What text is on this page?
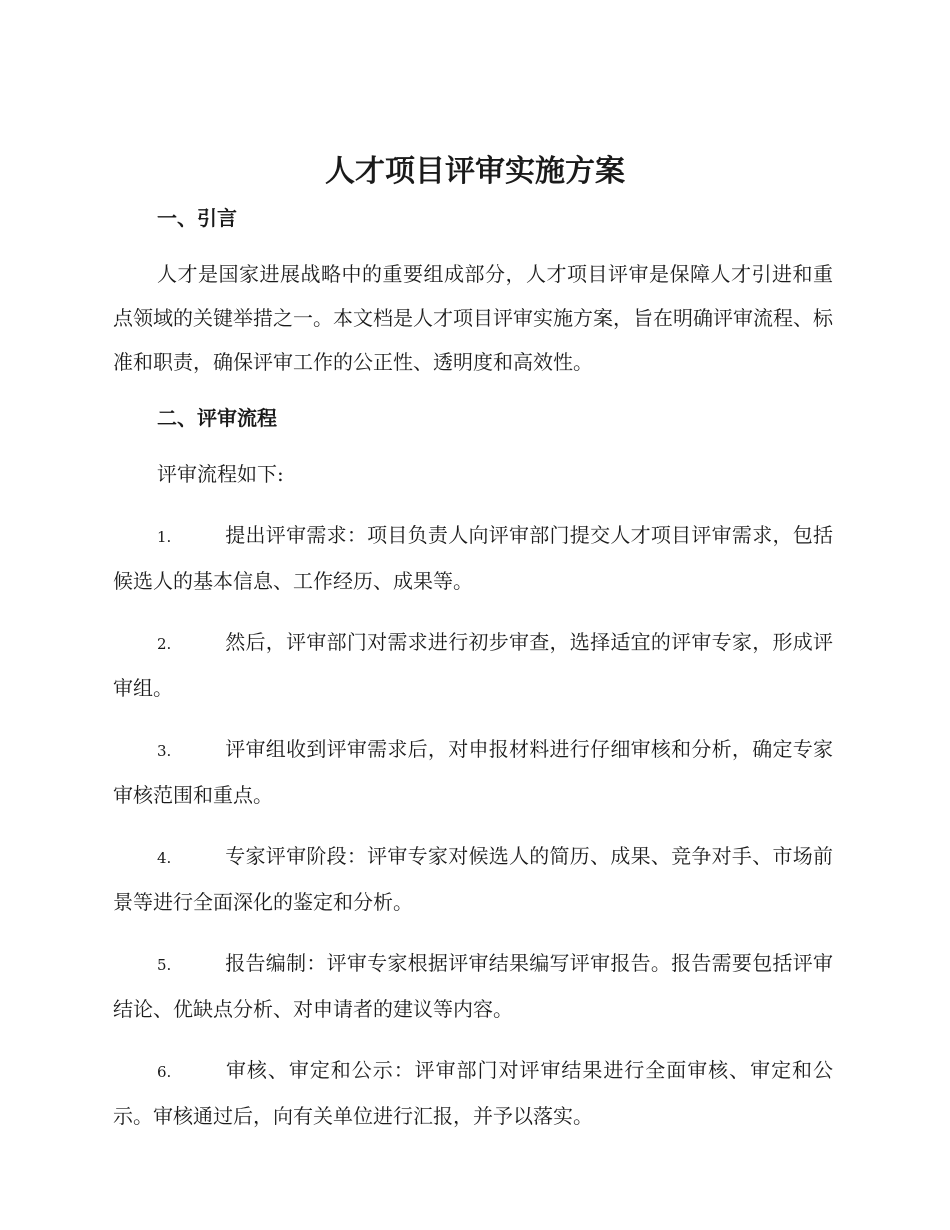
人才项目评审实施方案
一、引言

人才是国家进展战略中的重要组成部分，人才项目评审是保障人才引进和重点领域的关键举措之一。本文档是人才项目评审实施方案，旨在明确评审流程、标准和职责，确保评审工作的公正性、透明度和高效性。

二、评审流程

评审流程如下:

1.	提出评审需求：项目负责人向评审部门提交人才项目评审需求，包括候选人的基本信息、工作经历、成果等。

2.	然后，评审部门对需求进行初步审查，选择适宜的评审专家，形成评审组。

3.	评审组收到评审需求后，对申报材料进行仔细审核和分析，确定专家审核范围和重点。

4.	专家评审阶段：评审专家对候选人的简历、成果、竞争对手、市场前景等进行全面深化的鉴定和分析。

5.	报告编制：评审专家根据评审结果编写评审报告。报告需要包括评审结论、优缺点分析、对申请者的建议等内容。

6.	审核、审定和公示：评审部门对评审结果进行全面审核、审定和公示。审核通过后，向有关单位进行汇报，并予以落实。
